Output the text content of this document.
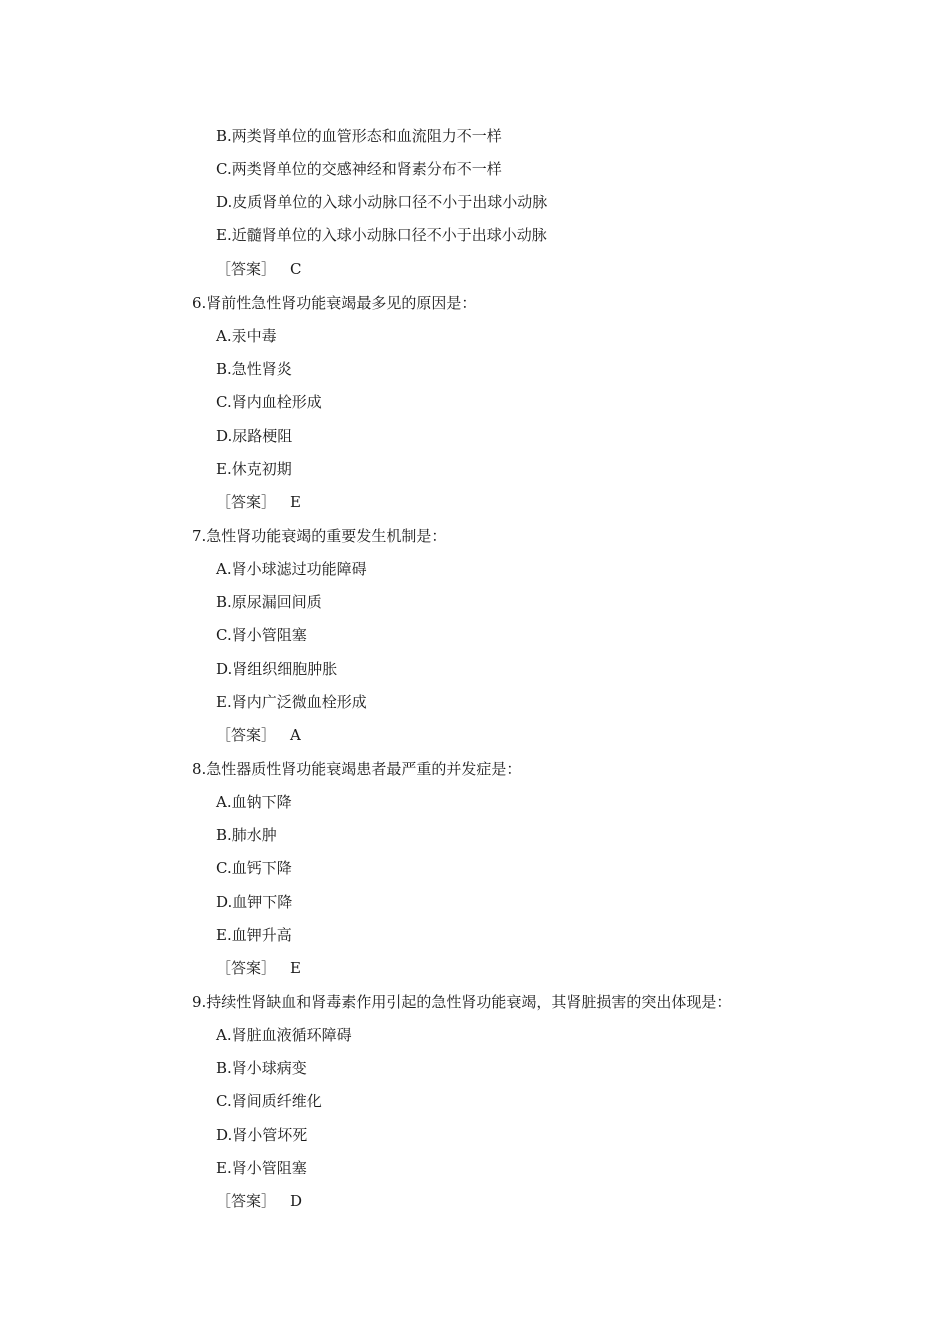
B.两类肾单位的血管形态和血流阻力不一样
C.两类肾单位的交感神经和肾素分布不一样
D.皮质肾单位的入球小动脉口径不小于出球小动脉
E.近髓肾单位的入球小动脉口径不小于出球小动脉
［答案］ C
6.肾前性急性肾功能衰竭最多见的原因是：
A.汞中毒
B.急性肾炎
C.肾内血栓形成
D.尿路梗阻
E.休克初期
［答案］ E
7.急性肾功能衰竭的重要发生机制是：
A.肾小球滤过功能障碍
B.原尿漏回间质
C.肾小管阻塞
D.肾组织细胞肿胀
E.肾内广泛微血栓形成
［答案］ A
8.急性器质性肾功能衰竭患者最严重的并发症是：
A.血钠下降
B.肺水肿
C.血钙下降
D.血钾下降
E.血钾升高
［答案］ E
9.持续性肾缺血和肾毒素作用引起的急性肾功能衰竭，其肾脏损害的突出体现是：
A.肾脏血液循环障碍
B.肾小球病变
C.肾间质纤维化
D.肾小管坏死
E.肾小管阻塞
［答案］ D
